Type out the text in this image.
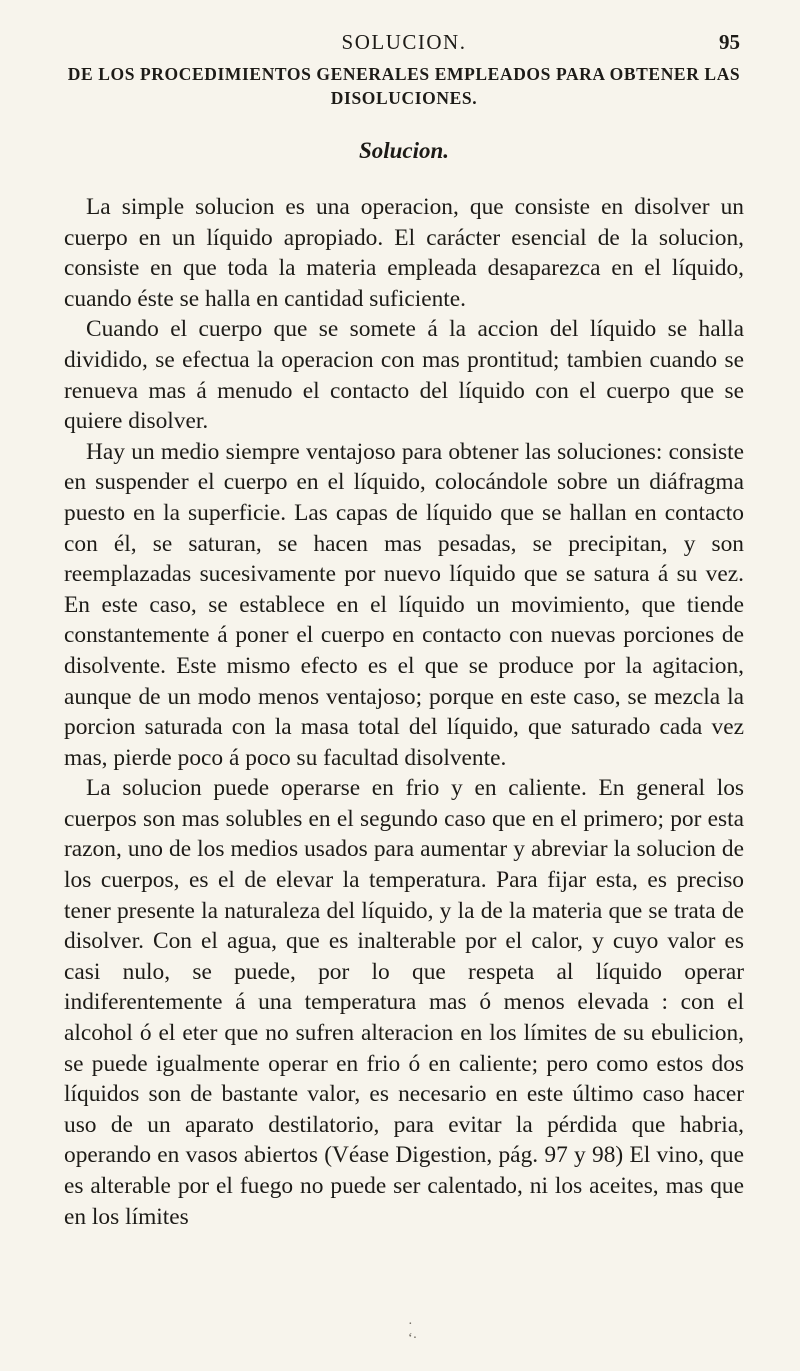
SOLUCION.	95
DE LOS PROCEDIMIENTOS GENERALES EMPLEADOS PARA OBTENER LAS DISOLUCIONES.
Solucion.

La simple solucion es una operacion, que consiste en disolver un cuerpo en un líquido apropiado. El carácter esencial de la solucion, consiste en que toda la materia empleada desaparezca en el líquido, cuando éste se halla en cantidad suficiente.

Cuando el cuerpo que se somete á la accion del líquido se halla dividido, se efectua la operacion con mas prontitud; tambien cuando se renueva mas á menudo el contacto del líquido con el cuerpo que se quiere disolver.

Hay un medio siempre ventajoso para obtener las soluciones: consiste en suspender el cuerpo en el líquido, colocándole sobre un diáfragma puesto en la superficie. Las capas de líquido que se hallan en contacto con él, se saturan, se hacen mas pesadas, se precipitan, y son reemplazadas sucesivamente por nuevo líquido que se satura á su vez. En este caso, se establece en el líquido un movimiento, que tiende constantemente á poner el cuerpo en contacto con nuevas porciones de disolvente. Este mismo efecto es el que se produce por la agitacion, aunque de un modo menos ventajoso; porque en este caso, se mezcla la porcion saturada con la masa total del líquido, que saturado cada vez mas, pierde poco á poco su facultad disolvente.

La solucion puede operarse en frio y en caliente. En general los cuerpos son mas solubles en el segundo caso que en el primero; por esta razon, uno de los medios usados para aumentar y abreviar la solucion de los cuerpos, es el de elevar la temperatura. Para fijar esta, es preciso tener presente la naturaleza del líquido, y la de la materia que se trata de disolver. Con el agua, que es inalterable por el calor, y cuyo valor es casi nulo, se puede, por lo que respeta al líquido operar indiferentemente á una temperatura mas ó menos elevada : con el alcohol ó el eter que no sufren alteracion en los límites de su ebulicion, se puede igualmente operar en frio ó en caliente; pero como estos dos líquidos son de bastante valor, es necesario en este último caso hacer uso de un aparato destilatorio, para evitar la pérdida que habria, operando en vasos abiertos (Véase Digestion, pág. 97 y 98) El vino, que es alterable por el fuego no puede ser calentado, ni los aceites, mas que en los límites

·
ʻ·
